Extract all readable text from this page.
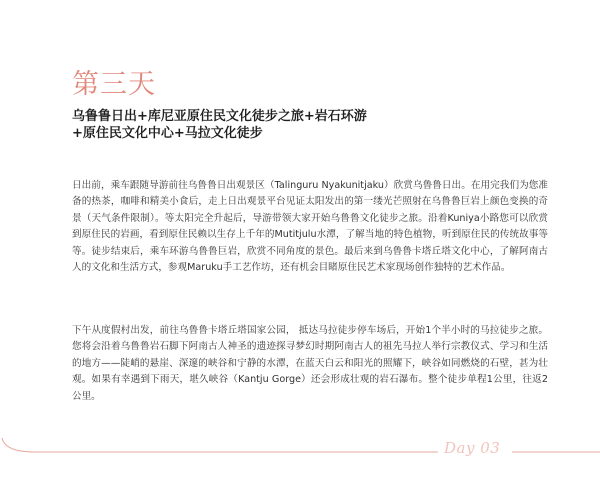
第三天
乌鲁鲁日出+库尼亚原住民文化徒步之旅+岩石环游
+原住民文化中心+马拉文化徒步

日出前，乘车跟随导游前往乌鲁鲁日出观景区（Talinguru Nyakunitjaku）欣赏乌鲁鲁日出。在用完我们为您准备的热茶，咖啡和精美小食后，走上日出观景平台见证太阳发出的第一缕光芒照射在乌鲁鲁巨岩上颜色变换的奇景（天气条件限制）。等太阳完全升起后，导游带领大家开始乌鲁鲁文化徒步之旅。沿着Kuniya小路您可以欣赏到原住民的岩画，看到原住民赖以生存上千年的Mutitjulu水潭，了解当地的特色植物，听到原住民的传统故事等等。徒步结束后，乘车环游乌鲁鲁巨岩，欣赏不同角度的景色。最后来到乌鲁鲁卡塔丘塔文化中心，了解阿南古人的文化和生活方式，参观Maruku手工艺作坊，还有机会目睹原住民艺术家现场创作独特的艺术作品。

下午从度假村出发，前往乌鲁鲁卡塔丘塔国家公园， 抵达马拉徒步停车场后，开始1个半小时的马拉徒步之旅。您将会沿着乌鲁鲁岩石脚下阿南古人神圣的遗迹探寻梦幻时期阿南古人的祖先马拉人举行宗教仪式、学习和生活的地方——陡峭的悬崖、深邃的峡谷和宁静的水潭，在蓝天白云和阳光的照耀下，峡谷如同燃烧的石壁，甚为壮观。如果有幸遇到下雨天，堪久峡谷（Kantju Gorge）还会形成壮观的岩石瀑布。整个徒步单程1公里，往返2公里。

Day 03
